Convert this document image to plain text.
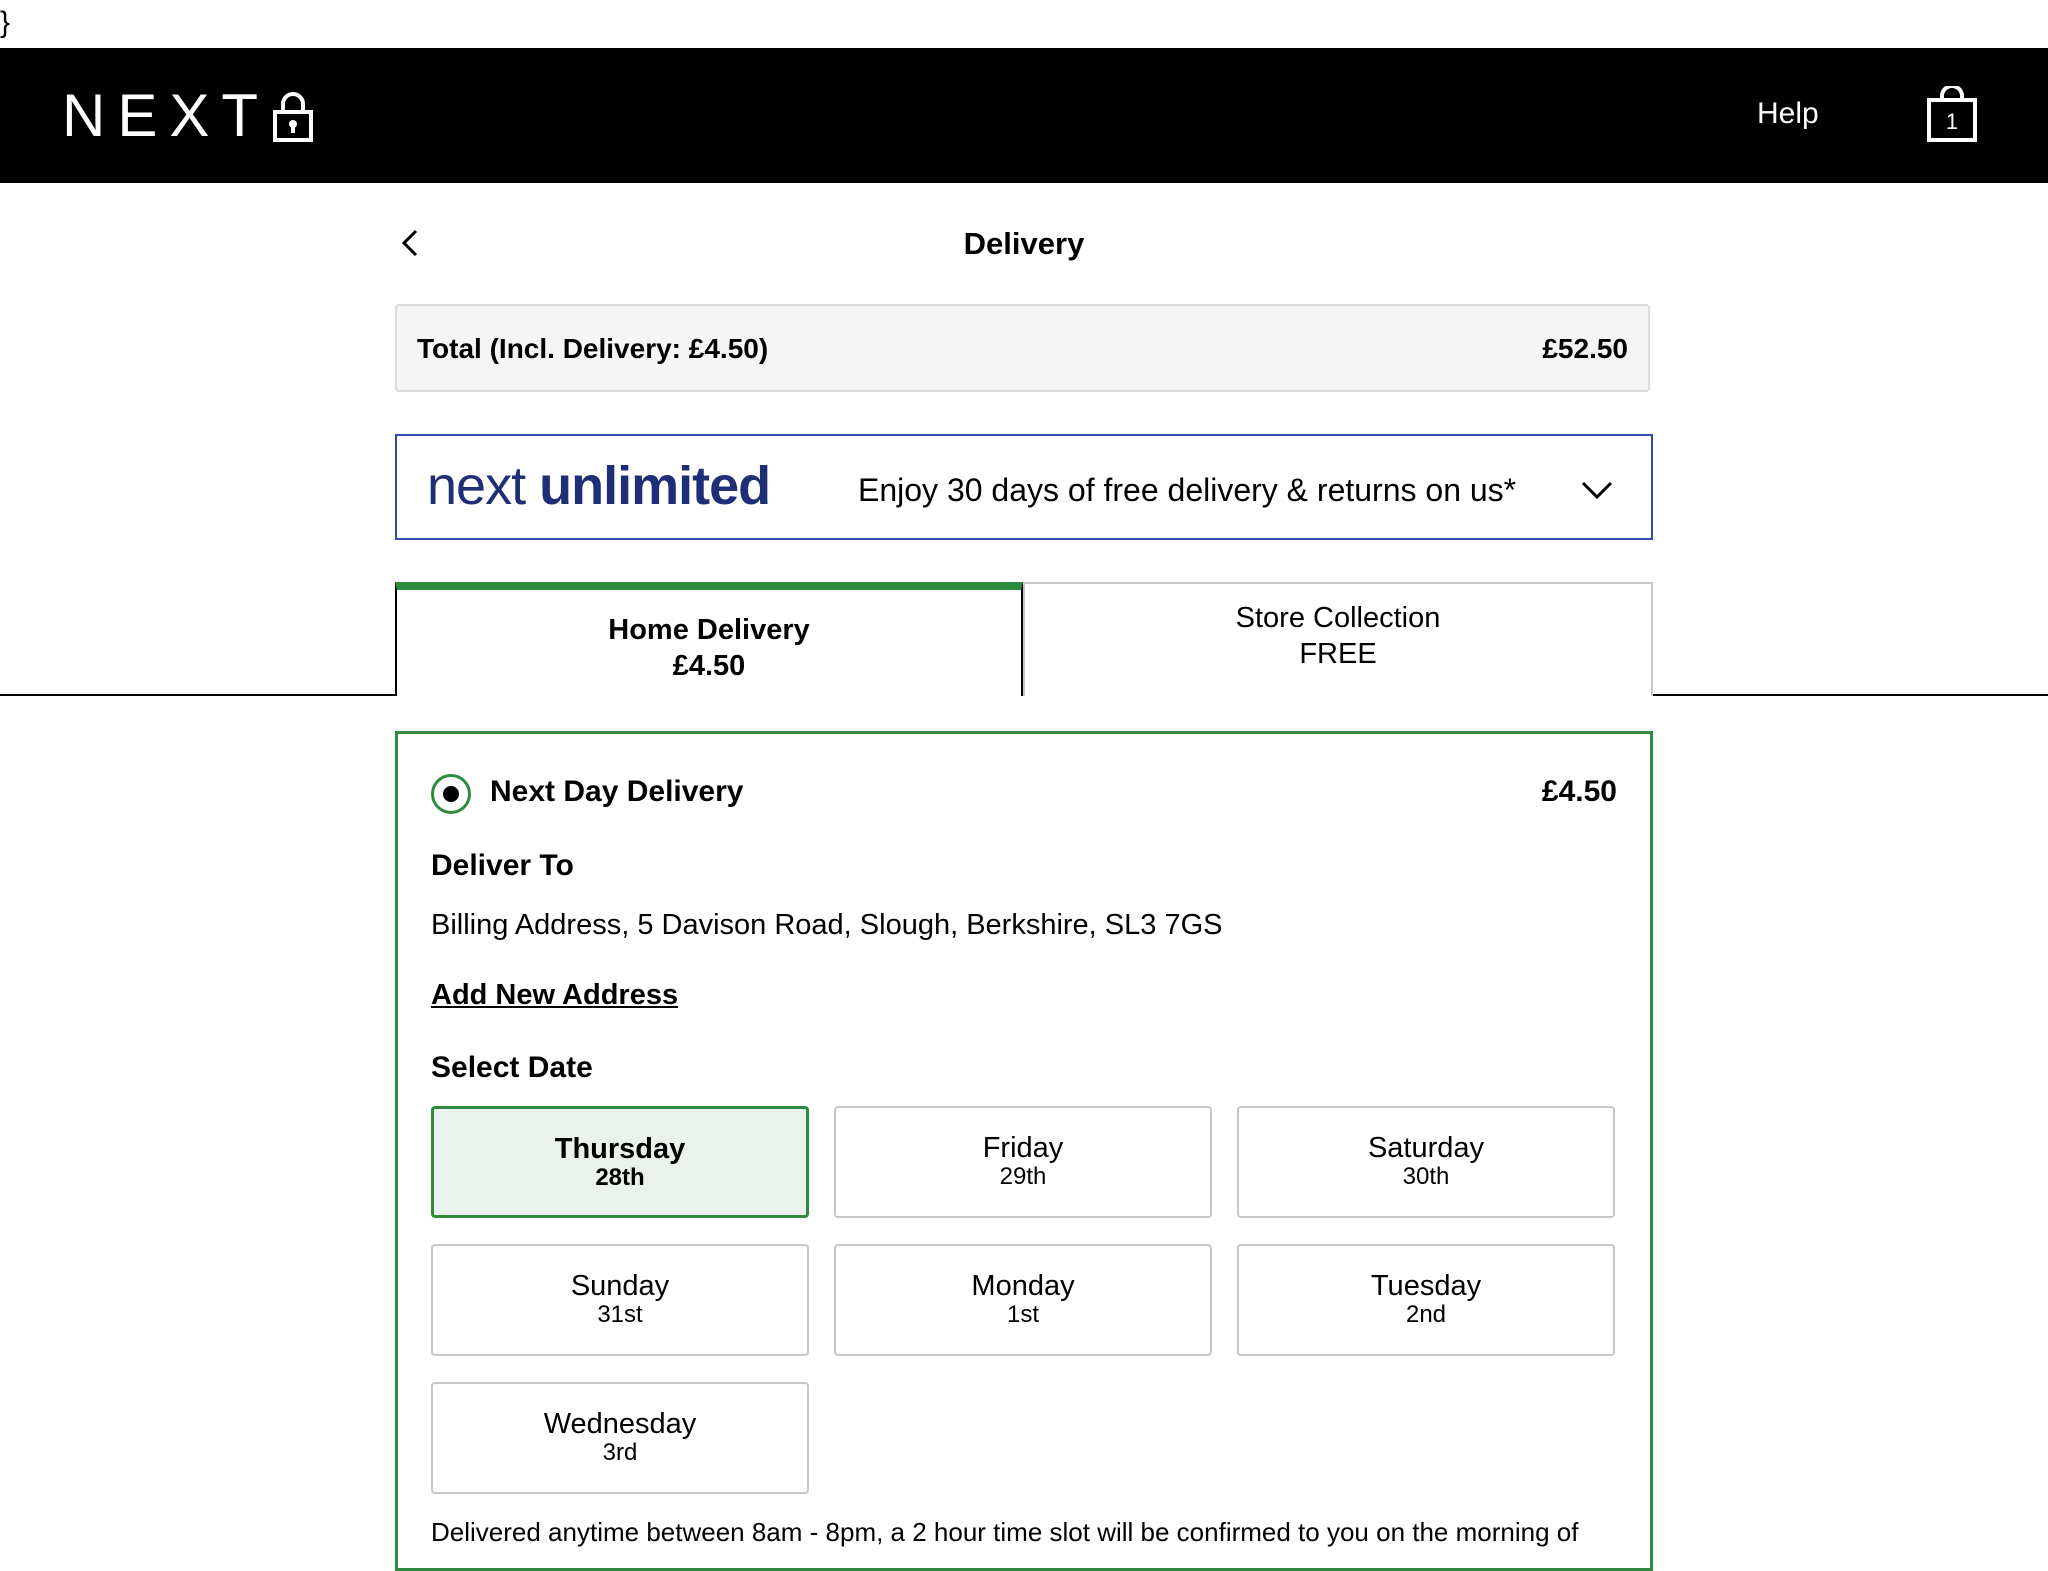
}
NEXT	Help	1
Delivery
Total (Incl. Delivery: £4.50)	£52.50
next unlimited	Enjoy 30 days of free delivery & returns on us*
Home Delivery
£4.50
Store Collection
FREE
Next Day Delivery	£4.50
Deliver To
Billing Address, 5 Davison Road, Slough, Berkshire, SL3 7GS
Add New Address
Select Date
Thursday
28th
Friday
29th
Saturday
30th
Sunday
31st
Monday
1st
Tuesday
2nd
Wednesday
3rd
Delivered anytime between 8am - 8pm, a 2 hour time slot will be confirmed to you on the morning of
